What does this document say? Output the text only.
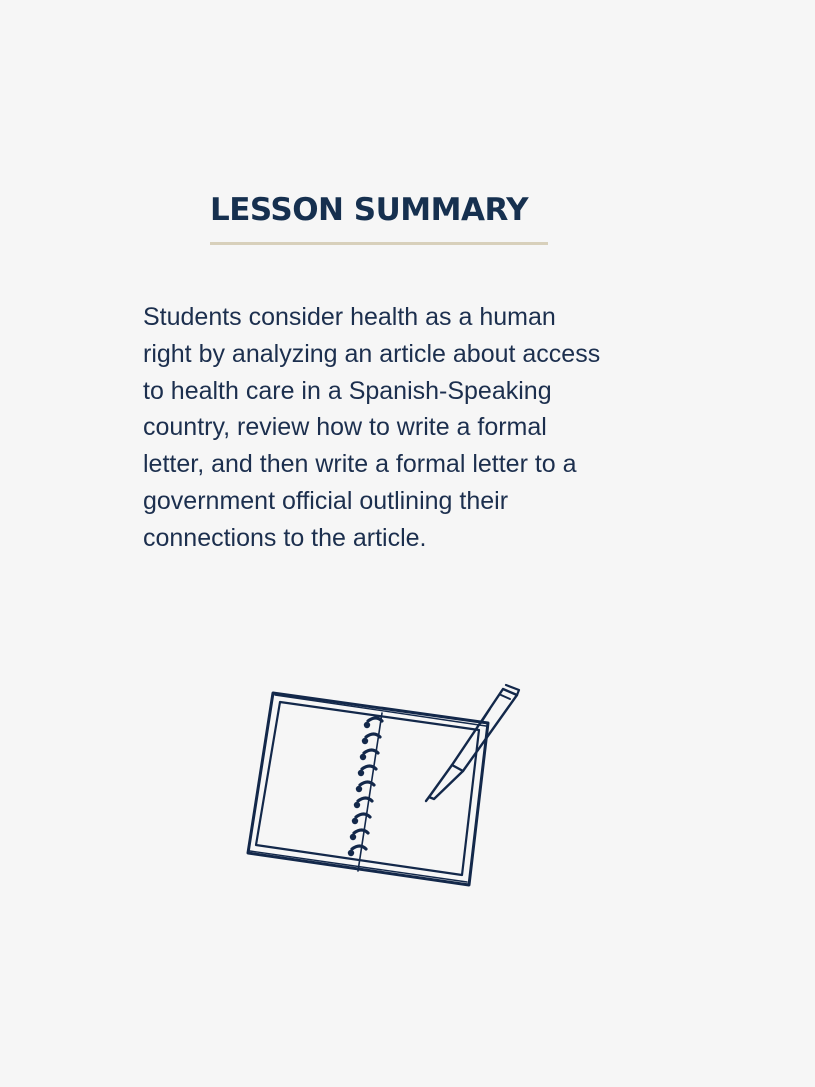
LESSON SUMMARY

Students consider health as a human right by analyzing an article about access to health care in a Spanish-Speaking country, review how to write a formal letter, and then write a formal letter to a government official outlining their connections to the article.
